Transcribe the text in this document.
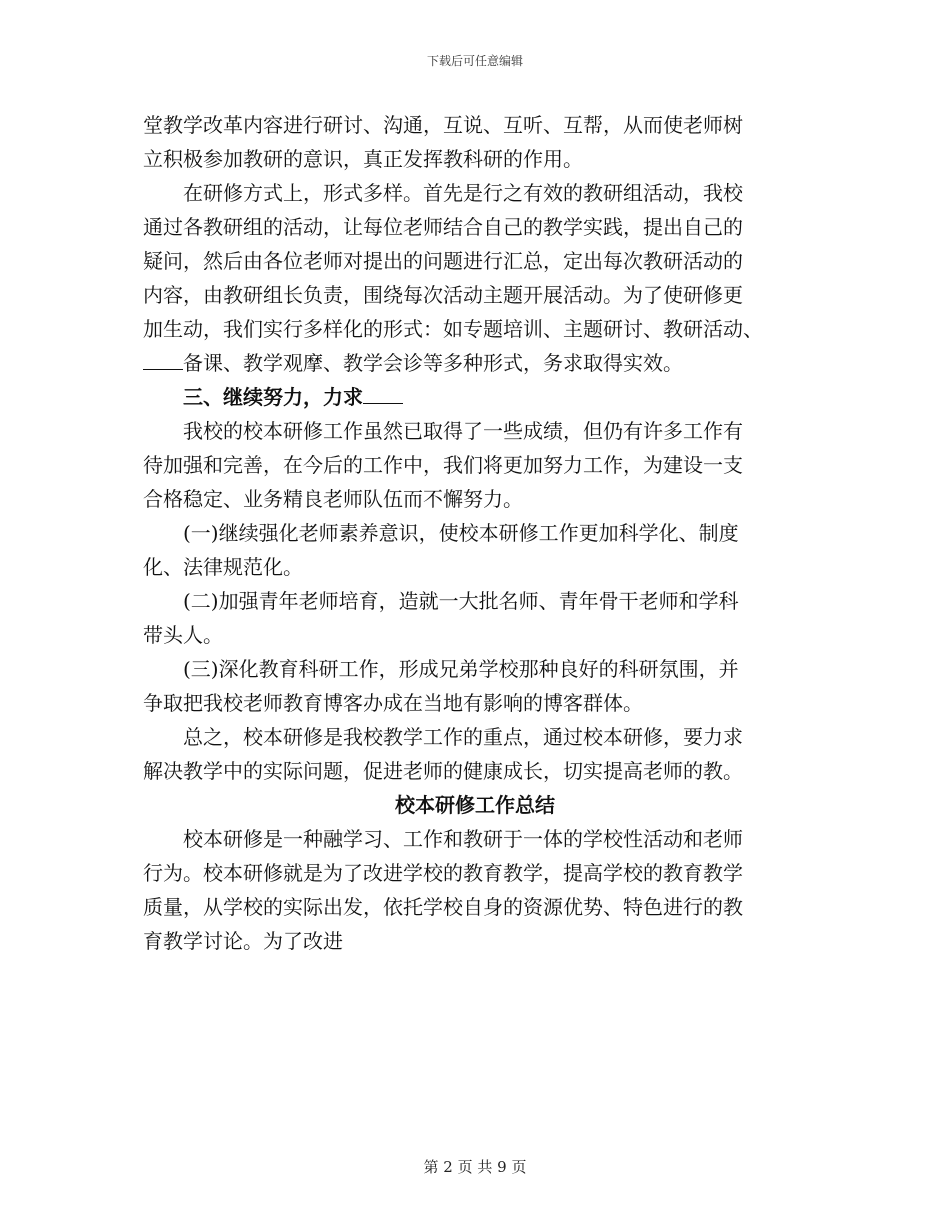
下载后可任意编辑

堂教学改革内容进行研讨、沟通，互说、互听、互帮，从而使老师树
立积极参加教研的意识，真正发挥教科研的作用。

在研修方式上，形式多样。首先是行之有效的教研组活动，我校
通过各教研组的活动，让每位老师结合自己的教学实践，提出自己的
疑问，然后由各位老师对提出的问题进行汇总，定出每次教研活动的
内容，由教研组长负责，围绕每次活动主题开展活动。为了使研修更
加生动，我们实行多样化的形式：如专题培训、主题研讨、教研活动、
备课、教学观摩、教学会诊等多种形式，务求取得实效。

三、继续努力，力求

我校的校本研修工作虽然已取得了一些成绩，但仍有许多工作有
待加强和完善，在今后的工作中，我们将更加努力工作，为建设一支
合格稳定、业务精良老师队伍而不懈努力。

(一)继续强化老师素养意识，使校本研修工作更加科学化、制度
化、法律规范化。

(二)加强青年老师培育，造就一大批名师、青年骨干老师和学科
带头人。

(三)深化教育科研工作，形成兄弟学校那种良好的科研氛围，并
争取把我校老师教育博客办成在当地有影响的博客群体。

总之，校本研修是我校教学工作的重点，通过校本研修，要力求
解决教学中的实际问题，促进老师的健康成长，切实提高老师的教。

校本研修工作总结

校本研修是一种融学习、工作和教研于一体的学校性活动和老师
行为。校本研修就是为了改进学校的教育教学，提高学校的教育教学
质量，从学校的实际出发，依托学校自身的资源优势、特色进行的教
育教学讨论。为了改进

第 2 页 共 9 页
